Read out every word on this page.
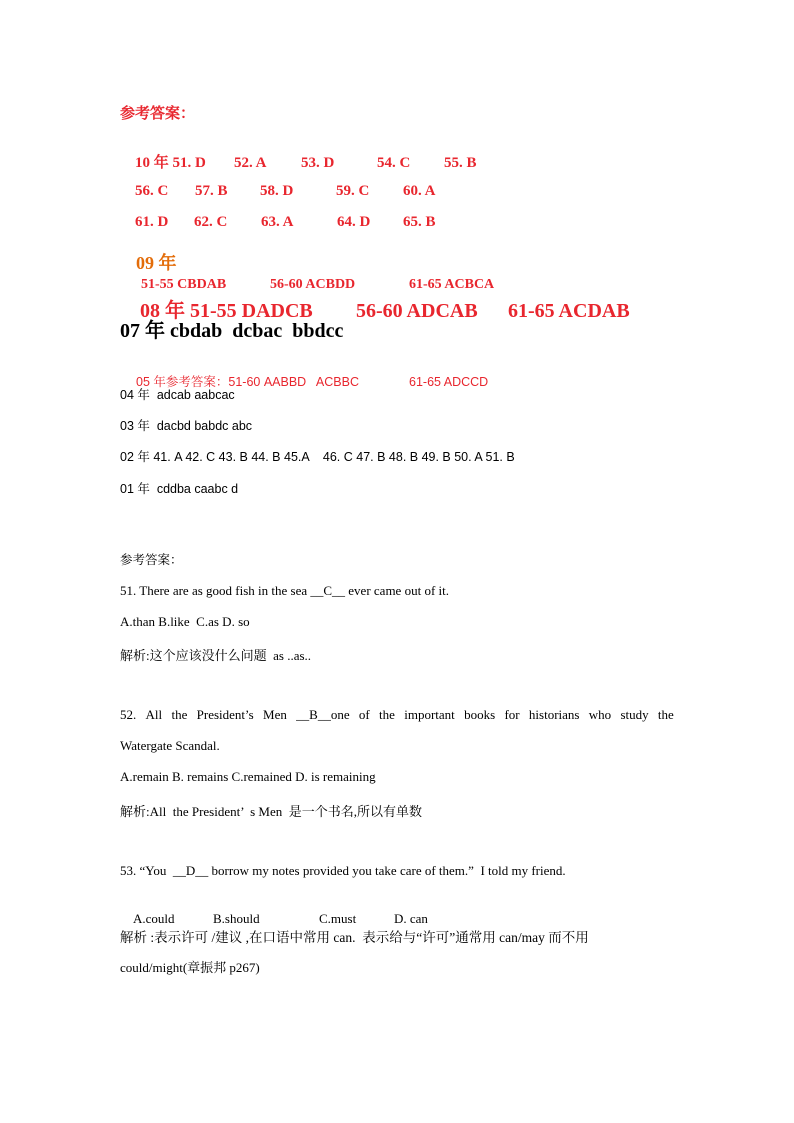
参考答案：

10 年 51. D 52. A 53. D	54. C 55. B

56. C 57. B 58. D	59. C 60. A

61. D 62. C 63. A	64. D 65. B

09 年
51-55 CBDAB	56-60 ACBDD	61-65 ACBCA

08 年 51-55 DADCB 56-60 ADCAB 61-65 ACDAB

07 年 cbdab  dcbac  bbdcc

05 年参考答案：51-60 AABBD   ACBBC	61-65 ADCCD

04 年  adcab aabcac
03 年  dacbd babdc abc
02 年 41. A 42. C 43. B 44. B 45.A    46. C 47. B 48. B 49. B 50. A 51. B
01 年  cddba caabc d
参考答案：
51. There are as good fish in the sea __C__ ever came out of it.
A.than B.like  C.as D. so
解析:这个应该没什么问题  as ..as..
52. All the President’s Men __B__one of the important books for historians who study the
Watergate Scandal.
A.remain B. remains C.remained D. is remaining
解析:All  the President’  s Men  是一个书名,所以有单数
53. “You  __D__ borrow my notes provided you take care of them.”  I told my friend.

A.could	B.should	C.must	D. can

解析 :表示许可 /建议 ,在口语中常用 can.  表示给与“许可”通常用 can/may 而不用
could/might(章振邦 p267)
